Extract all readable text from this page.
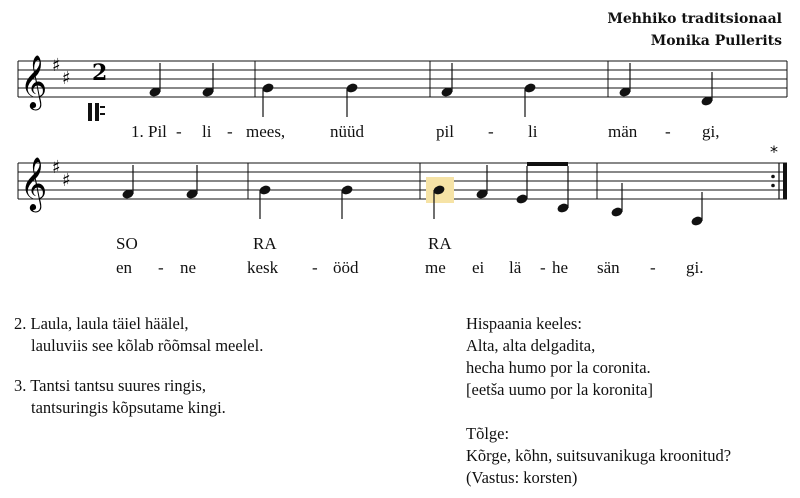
Mehhiko traditsionaal
Monika Pullerits
𝄞 ♯
♯ 2
1. Pil - li - mees,	nüüd	pil - li	män - gi,
𝄞 ♯
♯
*
SO	RA	RA
en - ne	kesk - ööd	me ei lä - he sän - gi.

2. Laula, laula täiel häälel,
lauluviis see kõlab rõõmsal meelel.

3. Tantsi tantsu suures ringis,
tantsuringis kõpsutame kingi.

Hispaania keeles:
Alta, alta delgadita,
hecha humo por la coronita.
[eetša uumo por la koronita]
Tõlge:
Kõrge, kõhn, suitsuvanikuga kroonitud?
(Vastus: korsten)
